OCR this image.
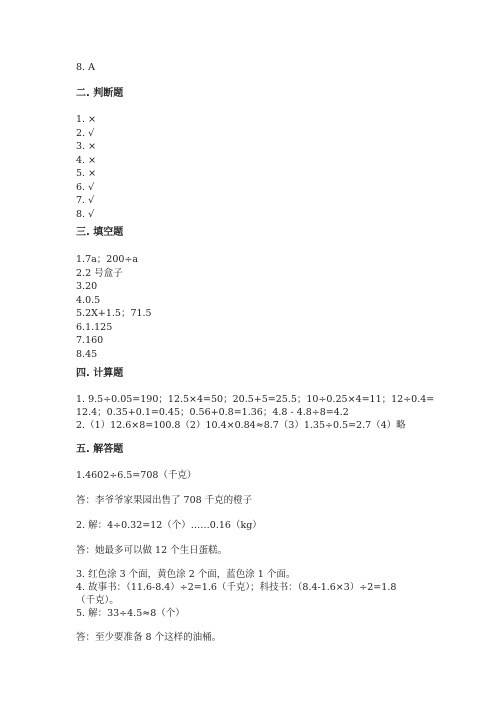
8. A
二. 判断题
1. ×
2. √
3. ×
4. ×
5. ×
6. √
7. √
8. √
三. 填空题
1.7a；200÷a
2.2 号盒子
3.20
4.0.5
5.2X+1.5；71.5
6.1.125
7.160
8.45
四. 计算题
1. 9.5÷0.05=190；12.5×4=50；20.5+5=25.5；10÷0.25×4=11；12÷0.4=
12.4；0.35+0.1=0.45；0.56+0.8=1.36；4.8 - 4.8÷8=4.2
2.（1）12.6×8=100.8（2）10.4×0.84≈8.7（3）1.35÷0.5=2.7（4）略
五. 解答题
1.4602÷6.5=708（千克）
答：李爷爷家果园出售了 708 千克的橙子
2. 解：4÷0.32=12（个）……0.16（kg）
答：她最多可以做 12 个生日蛋糕。
3. 红色涂 3 个面，黄色涂 2 个面，蓝色涂 1 个面。
4. 故事书：（11.6-8.4）÷2=1.6（千克）；科技书：（8.4-1.6×3）÷2=1.8
（千克）。
5. 解：33÷4.5≈8（个）
答：至少要准备 8 个这样的油桶。
